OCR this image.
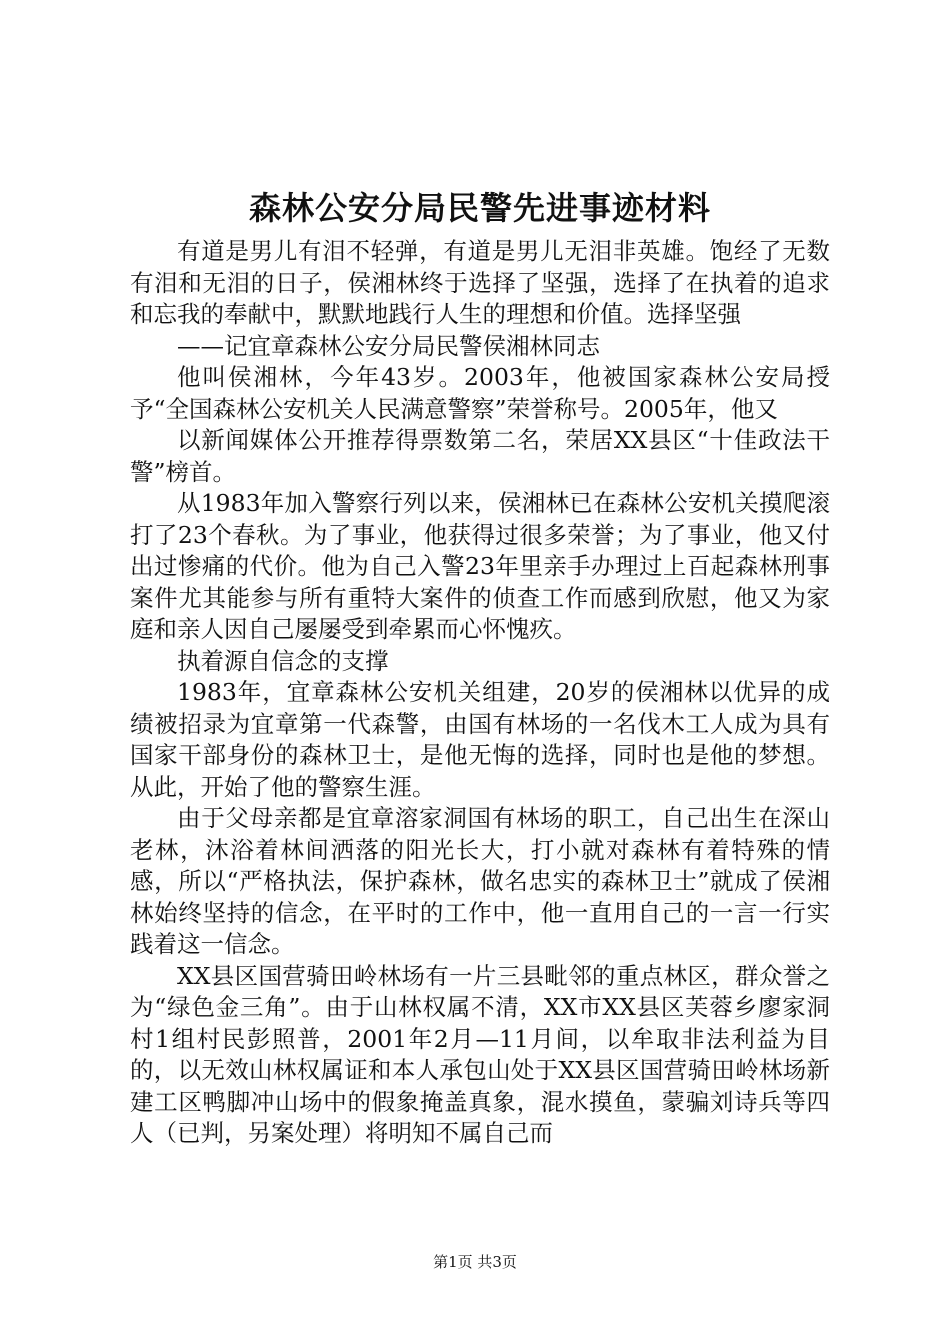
森林公安分局民警先进事迹材料

有道是男儿有泪不轻弹，有道是男儿无泪非英雄。饱经了无数有泪和无泪的日子，侯湘林终于选择了坚强，选择了在执着的追求和忘我的奉献中，默默地践行人生的理想和价值。选择坚强

——记宜章森林公安分局民警侯湘林同志

他叫侯湘林，今年43岁。2003年，他被国家森林公安局授予“全国森林公安机关人民满意警察”荣誉称号。2005年，他又

以新闻媒体公开推荐得票数第二名，荣居XX县区“十佳政法干警”榜首。

从1983年加入警察行列以来，侯湘林已在森林公安机关摸爬滚打了23个春秋。为了事业，他获得过很多荣誉；为了事业，他又付出过惨痛的代价。他为自己入警23年里亲手办理过上百起森林刑事案件尤其能参与所有重特大案件的侦查工作而感到欣慰，他又为家庭和亲人因自己屡屡受到牵累而心怀愧疚。

执着源自信念的支撑

1983年，宜章森林公安机关组建，20岁的侯湘林以优异的成绩被招录为宜章第一代森警，由国有林场的一名伐木工人成为具有国家干部身份的森林卫士，是他无悔的选择，同时也是他的梦想。从此，开始了他的警察生涯。

由于父母亲都是宜章溶家洞国有林场的职工，自己出生在深山老林，沐浴着林间洒落的阳光长大，打小就对森林有着特殊的情感，所以“严格执法，保护森林，做名忠实的森林卫士”就成了侯湘林始终坚持的信念，在平时的工作中，他一直用自己的一言一行实践着这一信念。

XX县区国营骑田岭林场有一片三县毗邻的重点林区，群众誉之为“绿色金三角”。由于山林权属不清，XX市XX县区芙蓉乡廖家洞村1组村民彭照普，2001年2月—11月间，以牟取非法利益为目的，以无效山林权属证和本人承包山处于XX县区国营骑田岭林场新建工区鸭脚冲山场中的假象掩盖真象，混水摸鱼，蒙骗刘诗兵等四人（已判，另案处理）将明知不属自己而

第1页 共3页
